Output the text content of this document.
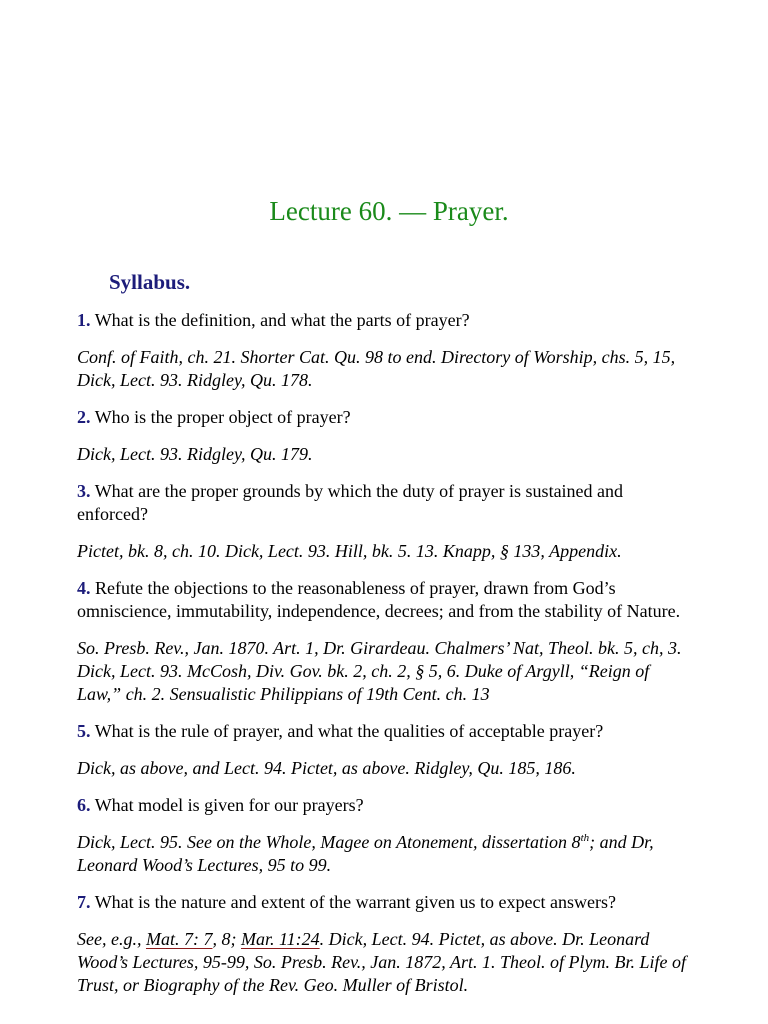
Lecture 60. — Prayer.
Syllabus.

1. What is the definition, and what the parts of prayer?

Conf. of Faith, ch. 21. Shorter Cat. Qu. 98 to end. Directory of Worship, chs. 5, 15, Dick, Lect. 93. Ridgley, Qu. 178.

2. Who is the proper object of prayer?

Dick, Lect. 93. Ridgley, Qu. 179.

3. What are the proper grounds by which the duty of prayer is sustained and enforced?

Pictet, bk. 8, ch. 10. Dick, Lect. 93. Hill, bk. 5. 13. Knapp, § 133, Appendix.

4. Refute the objections to the reasonableness of prayer, drawn from God’s omniscience, immutability, independence, decrees; and from the stability of Nature.

So. Presb. Rev., Jan. 1870. Art. 1, Dr. Girardeau. Chalmers’ Nat, Theol. bk. 5, ch, 3. Dick, Lect. 93. McCosh, Div. Gov. bk. 2, ch. 2, § 5, 6. Duke of Argyll, “Reign of Law,” ch. 2. Sensualistic Philippians of 19th Cent. ch. 13

5. What is the rule of prayer, and what the qualities of acceptable prayer?

Dick, as above, and Lect. 94. Pictet, as above. Ridgley, Qu. 185, 186.

6. What model is given for our prayers?

Dick, Lect. 95. See on the Whole, Magee on Atonement, dissertation 8th; and Dr, Leonard Wood’s Lectures, 95 to 99.

7. What is the nature and extent of the warrant given us to expect answers?

See, e.g., Mat. 7: 7, 8; Mar. 11:24. Dick, Lect. 94. Pictet, as above. Dr. Leonard Wood’s Lectures, 95-99, So. Presb. Rev., Jan. 1872, Art. 1. Theol. of Plym. Br. Life of Trust, or Biography of the Rev. Geo. Muller of Bristol.
